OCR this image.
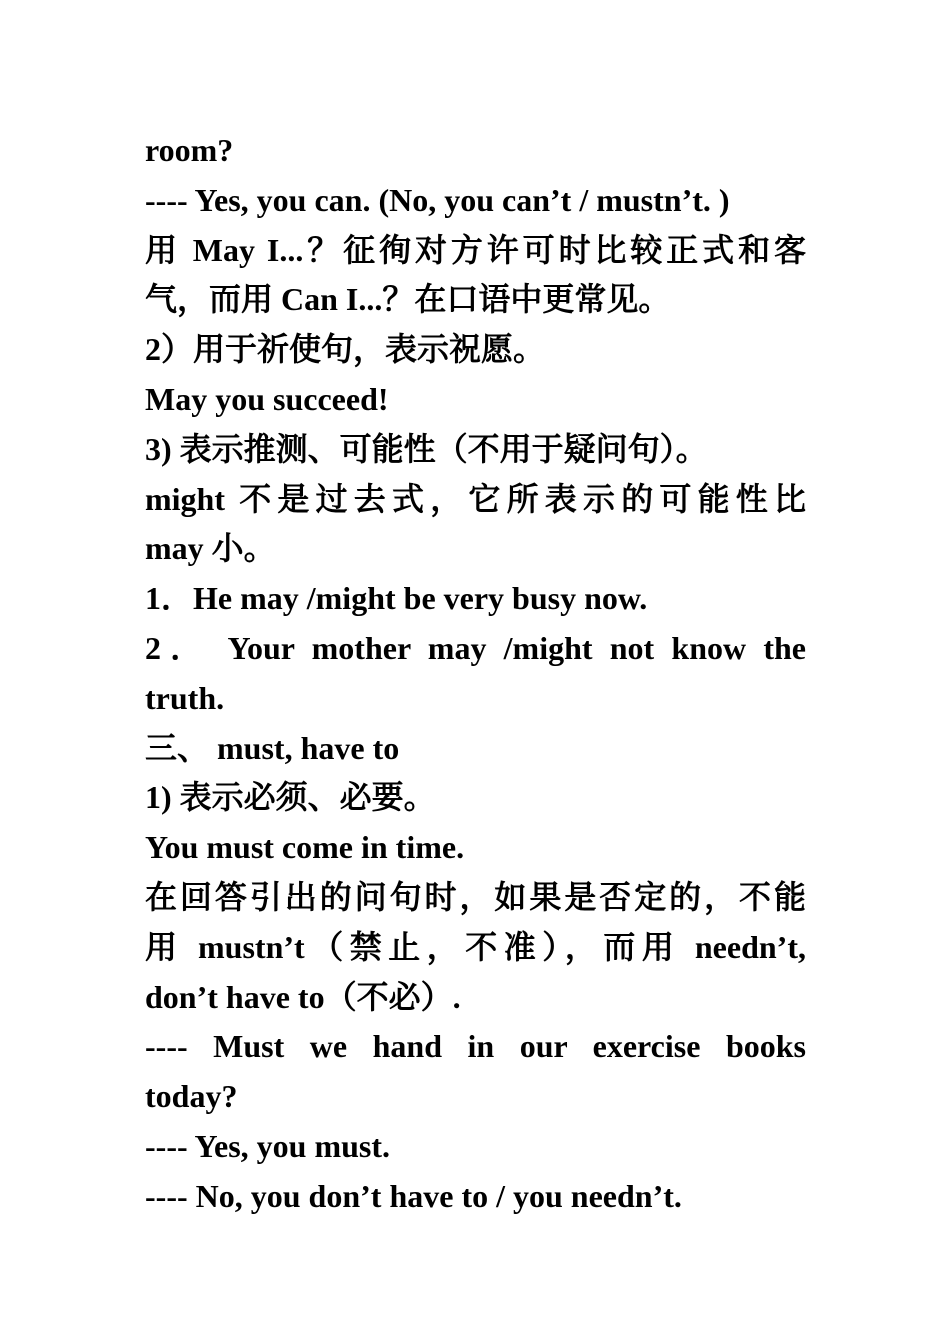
room?
---- Yes, you can. (No, you can’t / mustn’t. )
用 May I...？征徇对方许可时比较正式和客
气，而用 Can I...？在口语中更常见。
2）用于祈使句，表示祝愿。
May you succeed!
3) 表示推测、可能性（不用于疑问句）。
might 不是过去式，它所表示的可能性比
may 小。
1．He may /might be very busy now.
2． Your mother may /might not know the
truth.
三、 must, have to
1) 表示必须、必要。
You must come in time.
在回答引出的问句时，如果是否定的，不能
用 mustn’t（禁止，不准），而用 needn’t,
don’t have to（不必）.
---- Must we hand in our exercise books
today?
---- Yes, you must.
---- No, you don’t have to / you needn’t.
